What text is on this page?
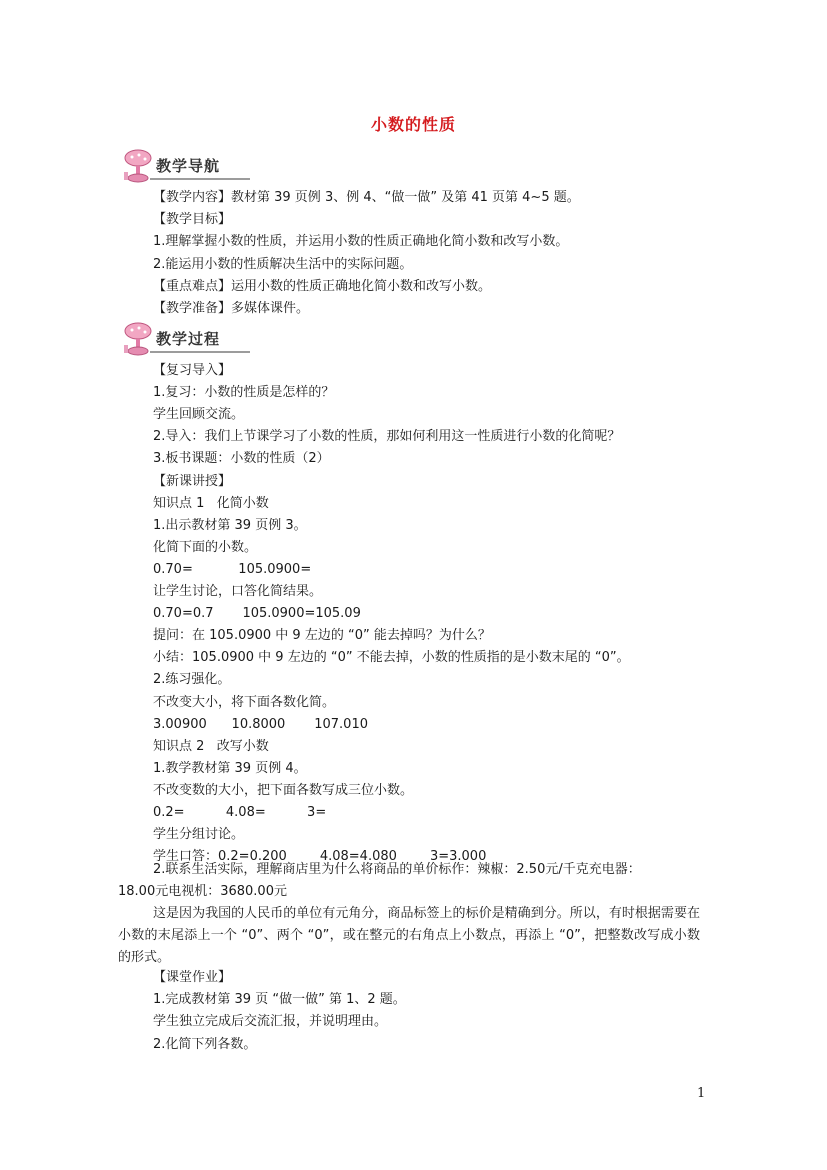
小数的性质
教学导航
【教学内容】教材第 39 页例 3、例 4、“做一做” 及第 41 页第 4~5 题。
【教学目标】
1.理解掌握小数的性质，并运用小数的性质正确地化简小数和改写小数。
2.能运用小数的性质解决生活中的实际问题。
【重点难点】运用小数的性质正确地化简小数和改写小数。
【教学准备】多媒体课件。
教学过程
【复习导入】
1.复习：小数的性质是怎样的？
学生回顾交流。
2.导入：我们上节课学习了小数的性质，那如何利用这一性质进行小数的化简呢？
3.板书课题：小数的性质（2）
【新课讲授】
知识点 1   化简小数
1.出示教材第 39 页例 3。
化简下面的小数。
0.70=           105.0900=
让学生讨论，口答化简结果。
0.70=0.7       105.0900=105.09
提问：在 105.0900 中 9 左边的 “0” 能去掉吗？为什么？
小结：105.0900 中 9 左边的 “0” 不能去掉，小数的性质指的是小数末尾的 “0”。
2.练习强化。
不改变大小，将下面各数化简。
3.00900      10.8000       107.010
知识点 2   改写小数
1.教学教材第 39 页例 4。
不改变数的大小，把下面各数写成三位小数。
0.2=          4.08=          3=
学生分组讨论。
学生口答：0.2=0.200        4.08=4.080        3=3.000
2.联系生活实际，理解商店里为什么将商品的单价标作：辣椒：2.50元/千克充电器：
18.00元电视机：3680.00元
这是因为我国的人民币的单位有元角分，商品标签上的标价是精确到分。所以，有时根据需要在小数的末尾添上一个 “0”、两个 “0”，或在整元的右角点上小数点，再添上 “0”，把整数改写成小数的形式。
【课堂作业】
1.完成教材第 39 页 “做一做” 第 1、2 题。
学生独立完成后交流汇报，并说明理由。
2.化简下列各数。
1
